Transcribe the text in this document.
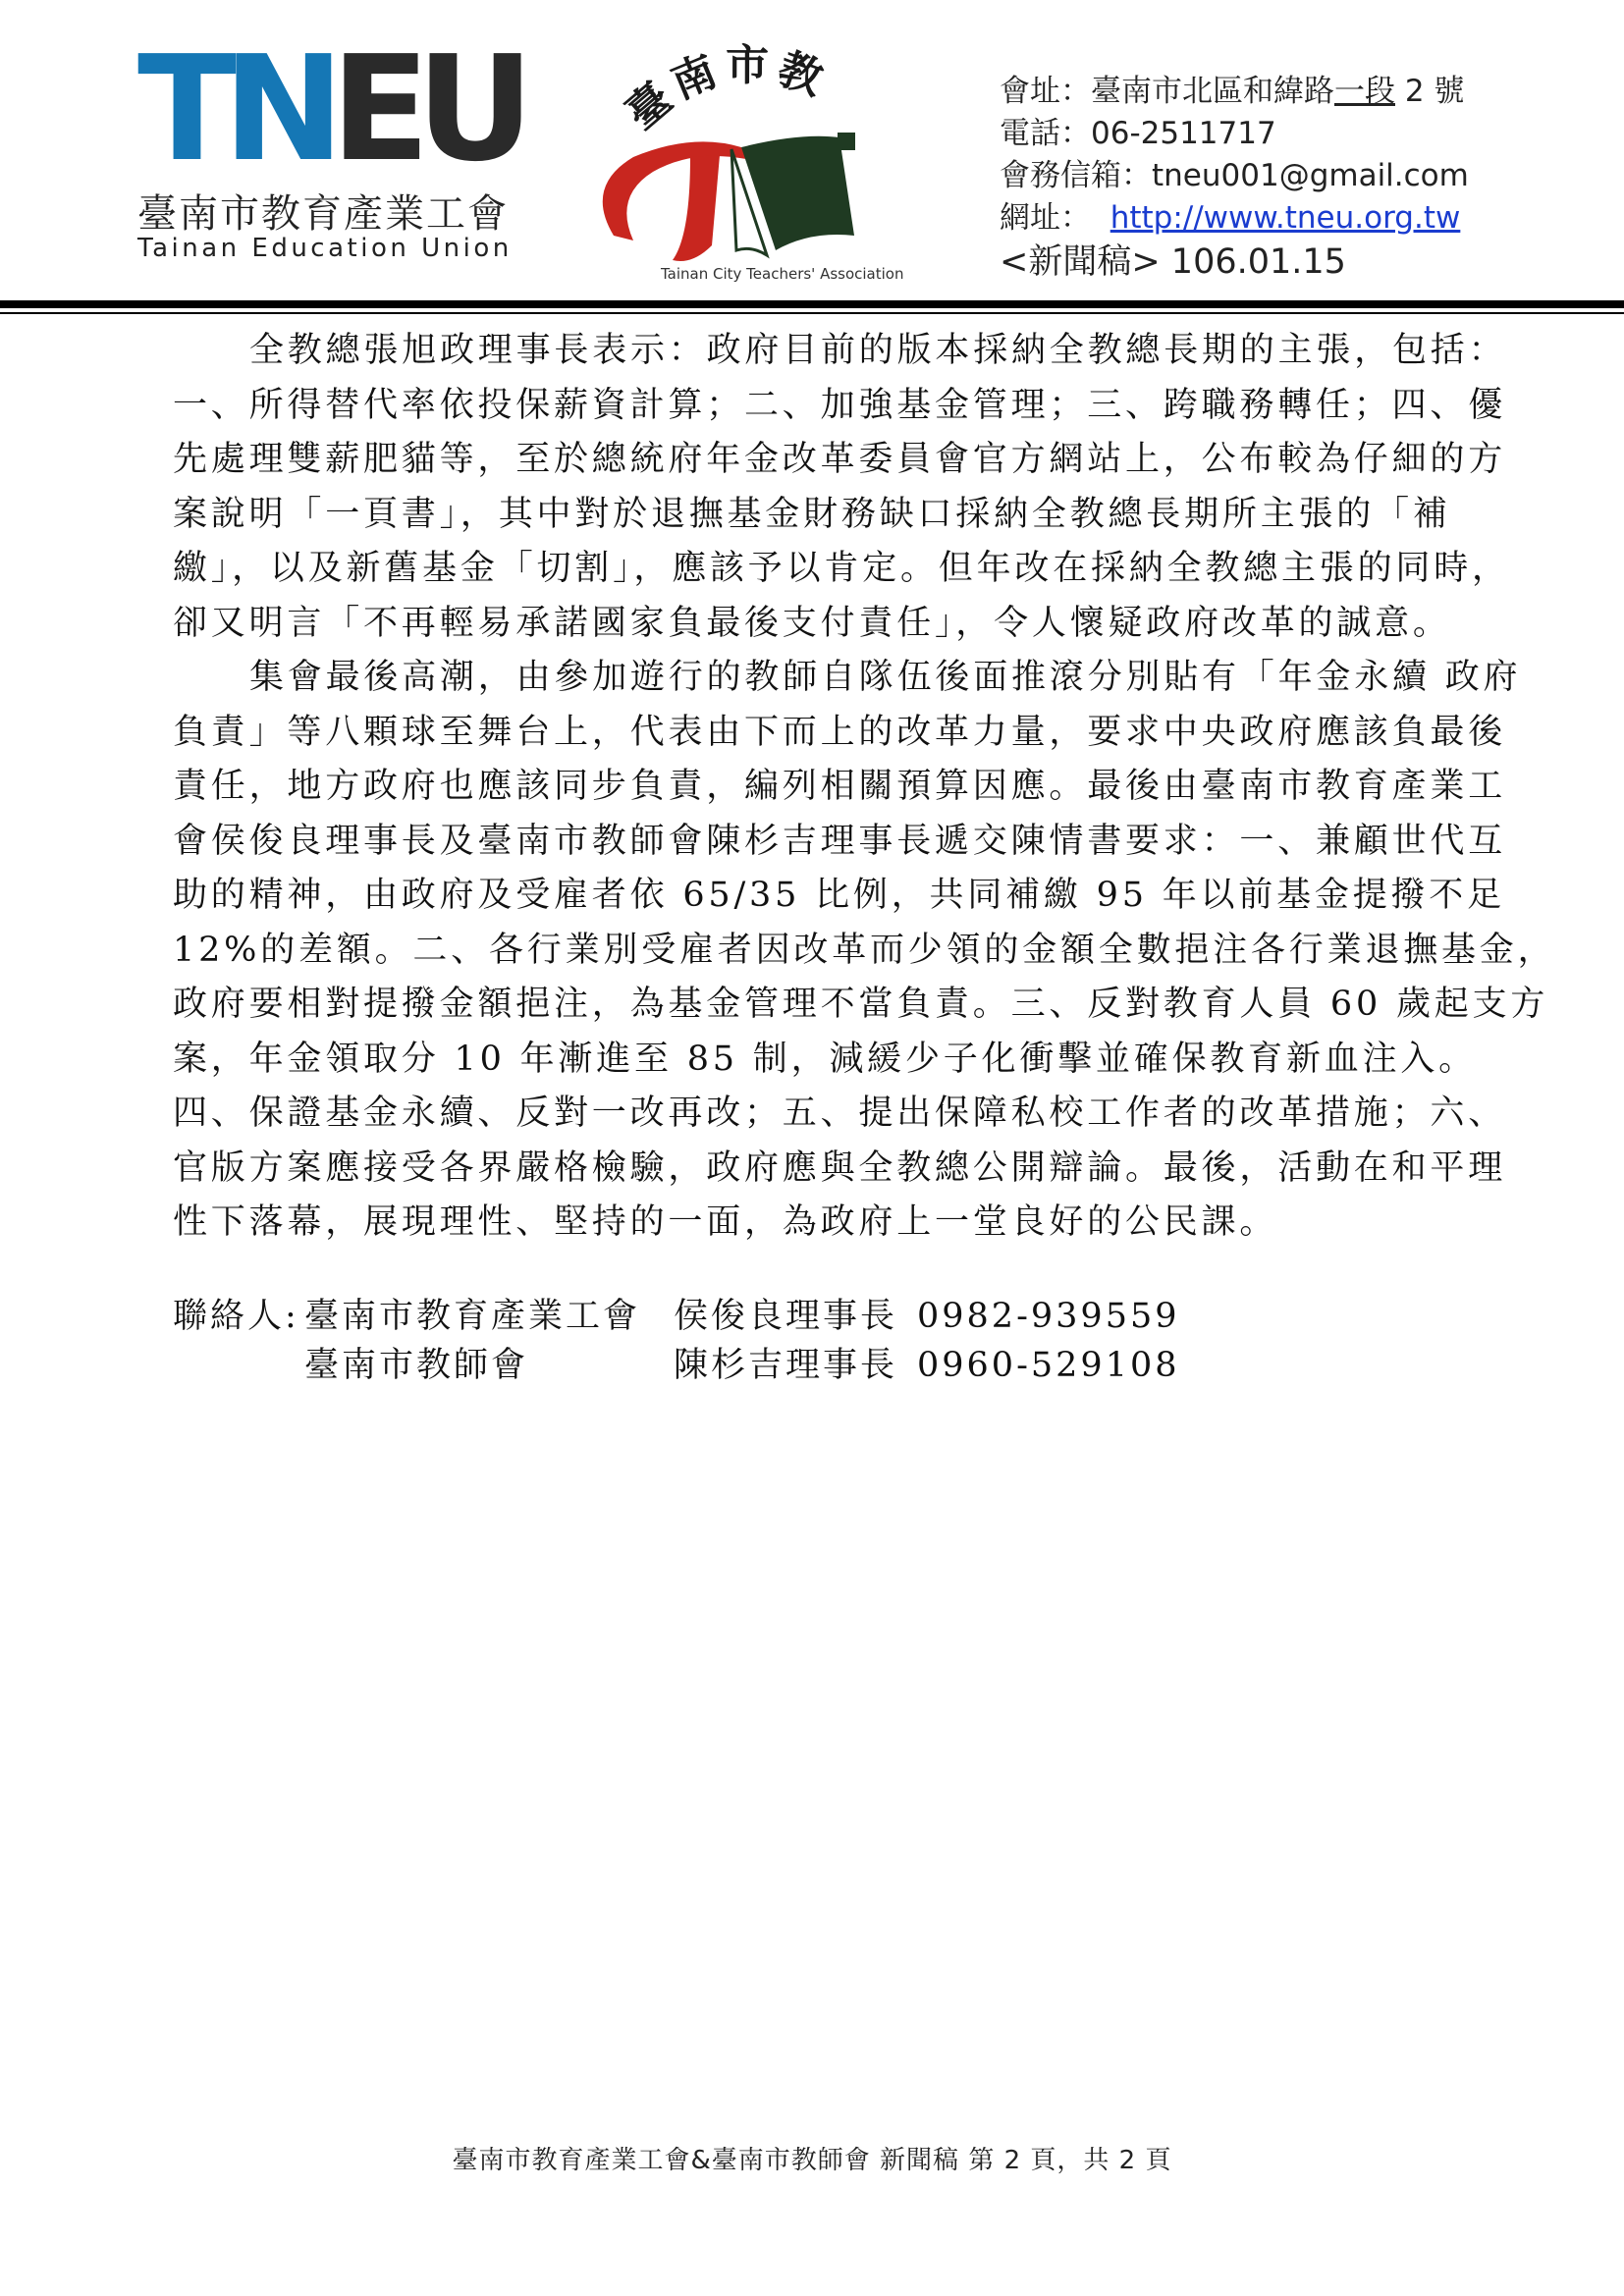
TNEU
臺南市教育產業工會
Tainan Education Union
臺南市教
Tainan City Teachers' Association
會址：臺南市北區和緯路一段 2 號
電話：06-2511717
會務信箱：tneu001@gmail.com
網址： http://www.tneu.org.tw
<新聞稿> 106.01.15

全教總張旭政理事長表示：政府目前的版本採納全教總長期的主張，包括：
一、所得替代率依投保薪資計算；二、加強基金管理；三、跨職務轉任；四、優
先處理雙薪肥貓等，至於總統府年金改革委員會官方網站上，公布較為仔細的方
案說明「一頁書」，其中對於退撫基金財務缺口採納全教總長期所主張的「補
繳」，以及新舊基金「切割」，應該予以肯定。但年改在採納全教總主張的同時，
卻又明言「不再輕易承諾國家負最後支付責任」，令人懷疑政府改革的誠意。

集會最後高潮，由參加遊行的教師自隊伍後面推滾分別貼有「年金永續 政府
負責」等八顆球至舞台上，代表由下而上的改革力量，要求中央政府應該負最後
責任，地方政府也應該同步負責，編列相關預算因應。最後由臺南市教育產業工
會侯俊良理事長及臺南市教師會陳杉吉理事長遞交陳情書要求：一、兼顧世代互
助的精神，由政府及受雇者依 65/35 比例，共同補繳 95 年以前基金提撥不足
12%的差額。二、各行業別受雇者因改革而少領的金額全數挹注各行業退撫基金，
政府要相對提撥金額挹注，為基金管理不當負責。三、反對教育人員 60 歲起支方
案，年金領取分 10 年漸進至 85 制，減緩少子化衝擊並確保教育新血注入。
四、保證基金永續、反對一改再改；五、提出保障私校工作者的改革措施；六、
官版方案應接受各界嚴格檢驗，政府應與全教總公開辯論。最後，活動在和平理
性下落幕，展現理性、堅持的一面，為政府上一堂良好的公民課。

聯絡人: 臺南市教育產業工會 侯俊良理事長 0982-939559
臺南市教師會	陳杉吉理事長 0960-529108
臺南市教育產業工會&臺南市教師會 新聞稿 第 2 頁，共 2 頁
